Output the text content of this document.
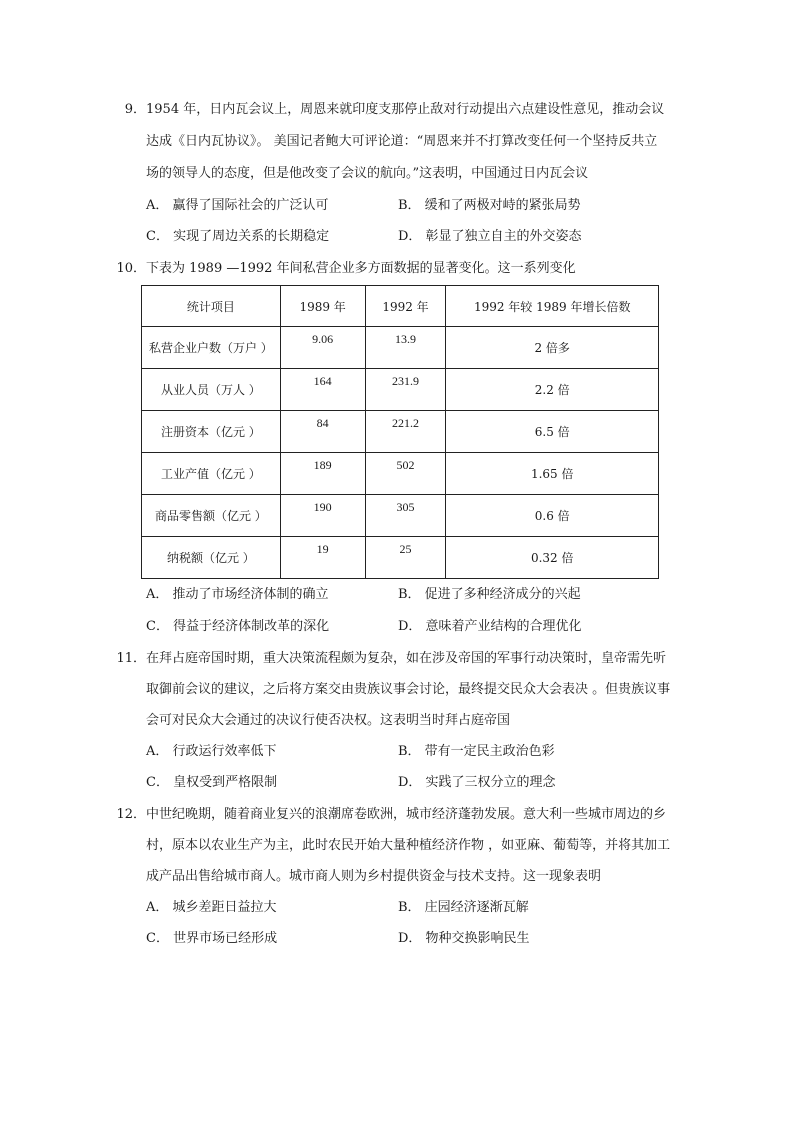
9． 1954 年，日内瓦会议上，周恩来就印度支那停止敌对行动提出六点建设性意见，推动会议
达成《日内瓦协议》。 美国记者鲍大可评论道：“周恩来并不打算改变任何一个坚持反共立
场的领导人的态度，但是他改变了会议的航向。”这表明，中国通过日内瓦会议
A． 赢得了国际社会的广泛认可	B． 缓和了两极对峙的紧张局势
C． 实现了周边关系的长期稳定	D． 彰显了独立自主的外交姿态
10． 下表为 1989 —1992 年间私营企业多方面数据的显著变化。这一系列变化
统计项目	1989 年	1992 年	1992 年较 1989 年增长倍数
私营企业户数（万户 ）	9.06	13.9	2 倍多

从业人员（万人 ）	164	231.9	2.2 倍

注册资本（亿元 ）	84	221.2	6.5 倍

工业产值（亿元 ）	189	502	1.65 倍

商品零售额（亿元 ）	190	305	0.6 倍

纳税额（亿元 ）	19	25	0.32 倍
A． 推动了市场经济体制的确立	B． 促进了多种经济成分的兴起
C． 得益于经济体制改革的深化	D． 意味着产业结构的合理优化
11． 在拜占庭帝国时期，重大决策流程颇为复杂，如在涉及帝国的军事行动决策时，皇帝需先听
取御前会议的建议，之后将方案交由贵族议事会讨论，最终提交民众大会表决 。但贵族议事
会可对民众大会通过的决议行使否决权。这表明当时拜占庭帝国
A． 行政运行效率低下	B． 带有一定民主政治色彩
C． 皇权受到严格限制	D． 实践了三权分立的理念
12． 中世纪晚期，随着商业复兴的浪潮席卷欧洲，城市经济蓬勃发展。意大利一些城市周边的乡
村，原本以农业生产为主，此时农民开始大量种植经济作物 ，如亚麻、葡萄等，并将其加工
成产品出售给城市商人。城市商人则为乡村提供资金与技术支持。这一现象表明
A． 城乡差距日益拉大	B． 庄园经济逐渐瓦解
C． 世界市场已经形成	D． 物种交换影响民生
